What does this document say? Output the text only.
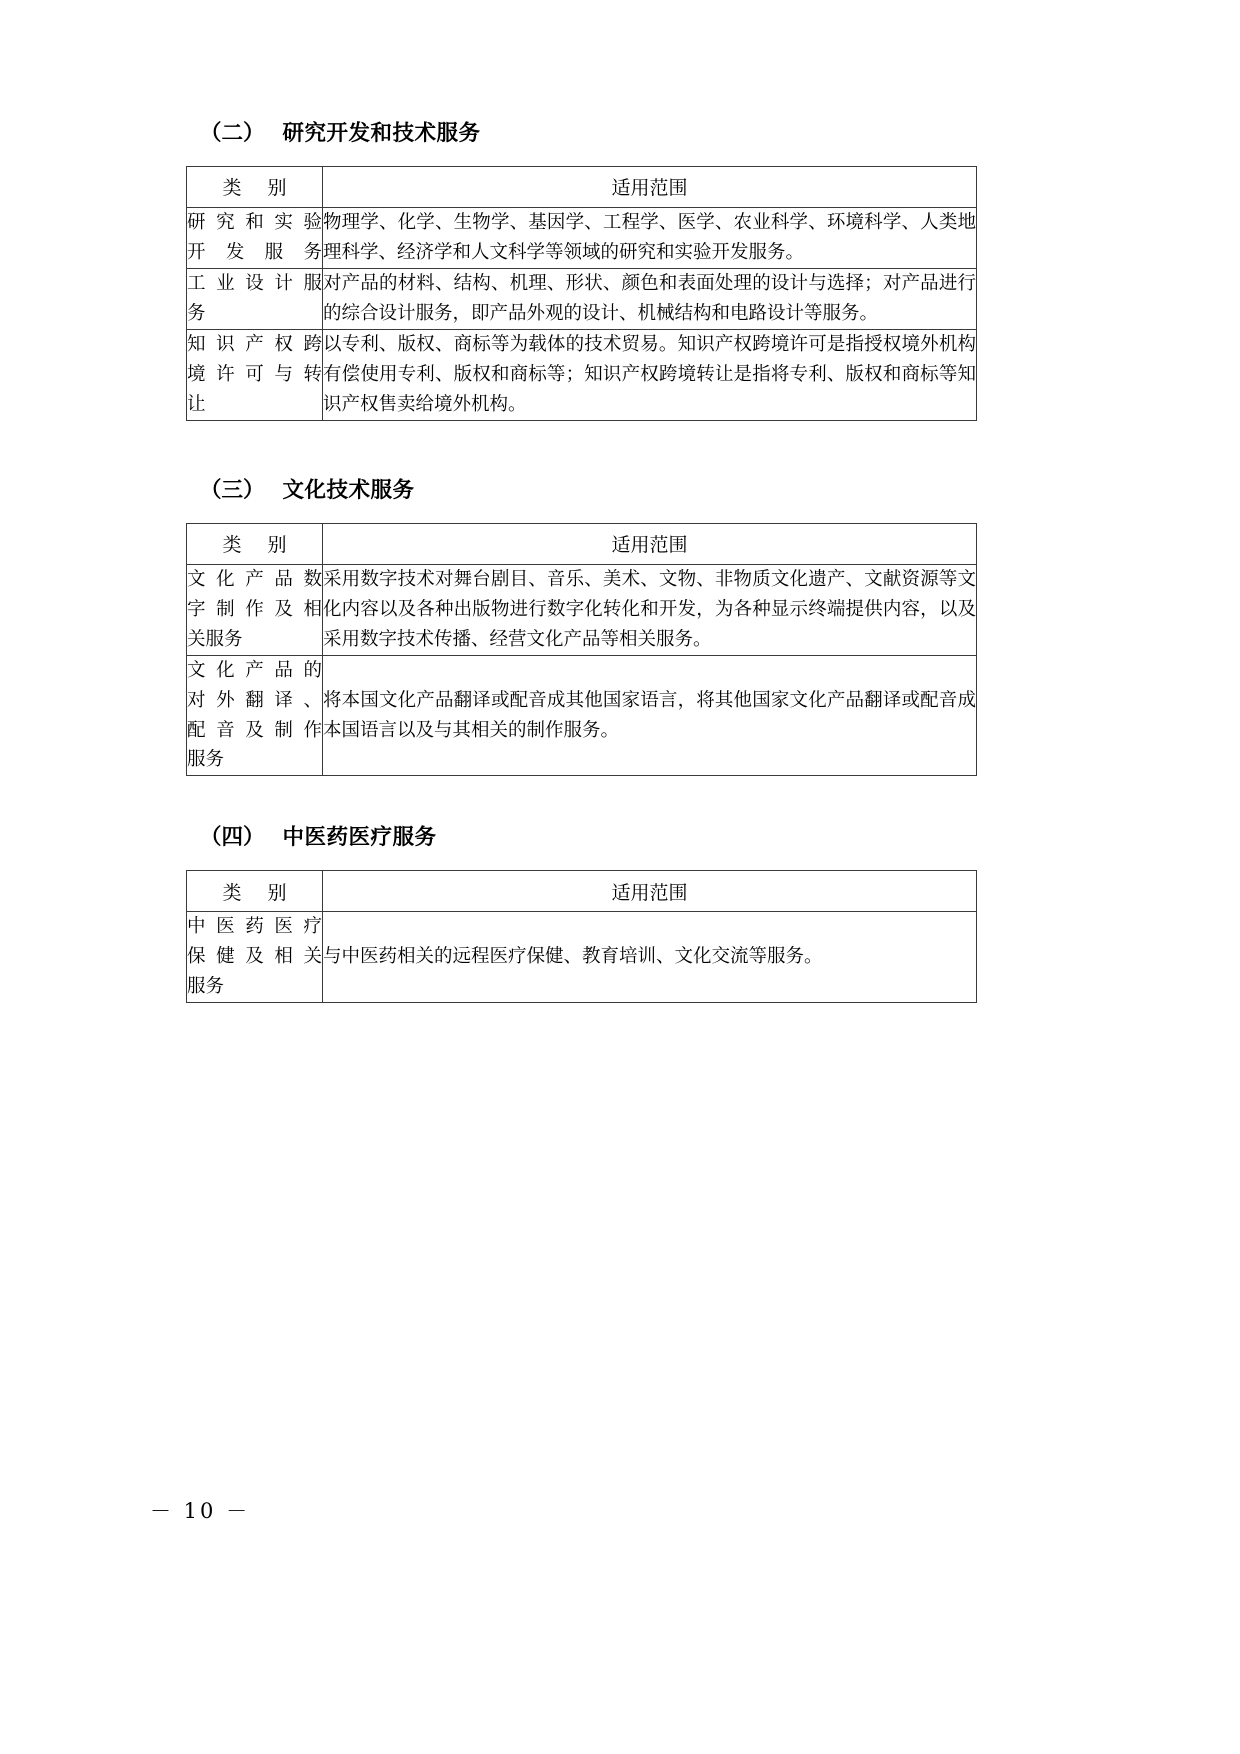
（二） 研究开发和技术服务
类 别	适用范围

研究和实验
开发服务	物理学、化学、生物学、基因学、工程学、医学、农业科学、环境科学、人类地理科学、经济学和人文科学等领域的研究和实验开发服务。

工业设计服
务	对产品的材料、结构、机理、形状、颜色和表面处理的设计与选择；对产品进行的综合设计服务，即产品外观的设计、机械结构和电路设计等服务。

知识产权跨
境许可与转
让	以专利、版权、商标等为载体的技术贸易。知识产权跨境许可是指授权境外机构有偿使用专利、版权和商标等；知识产权跨境转让是指将专利、版权和商标等知识产权售卖给境外机构。
（三） 文化技术服务
类 别	适用范围

文化产品数
字制作及相
关服务	采用数字技术对舞台剧目、音乐、美术、文物、非物质文化遗产、文献资源等文化内容以及各种出版物进行数字化转化和开发，为各种显示终端提供内容，以及采用数字技术传播、经营文化产品等相关服务。

文化产品的
对外翻译、
配音及制作
服务	将本国文化产品翻译或配音成其他国家语言，将其他国家文化产品翻译或配音成本国语言以及与其相关的制作服务。
（四） 中医药医疗服务
类 别	适用范围

中医药医疗
保健及相关
服务	与中医药相关的远程医疗保健、教育培训、文化交流等服务。
－ 10 －
